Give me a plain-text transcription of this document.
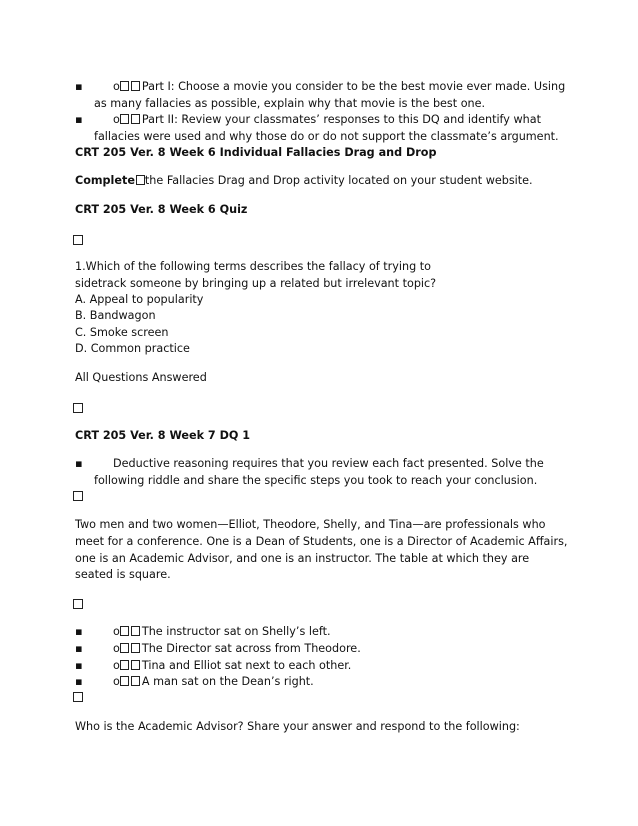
▪	o Part I: Choose a movie you consider to be the best movie ever made. Using
as many fallacies as possible, explain why that movie is the best one.
▪	o Part II: Review your classmates’ responses to this DQ and identify what
fallacies were used and why those do or do not support the classmate’s argument.
CRT 205 Ver. 8 Week 6 Individual Fallacies Drag and Drop
Complete the Fallacies Drag and Drop activity located on your student website.
CRT 205 Ver. 8 Week 6 Quiz
1.Which of the following terms describes the fallacy of trying to
sidetrack someone by bringing up a related but irrelevant topic?
A. Appeal to popularity
B. Bandwagon
C. Smoke screen
D. Common practice
All Questions Answered
CRT 205 Ver. 8 Week 7 DQ 1
▪	Deductive reasoning requires that you review each fact presented. Solve the
following riddle and share the specific steps you took to reach your conclusion.
Two men and two women—Elliot, Theodore, Shelly, and Tina—are professionals who
meet for a conference. One is a Dean of Students, one is a Director of Academic Affairs,
one is an Academic Advisor, and one is an instructor. The table at which they are
seated is square.
▪	o The instructor sat on Shelly’s left.
▪	o The Director sat across from Theodore.
▪	o Tina and Elliot sat next to each other.
▪	o A man sat on the Dean’s right.
Who is the Academic Advisor? Share your answer and respond to the following:
